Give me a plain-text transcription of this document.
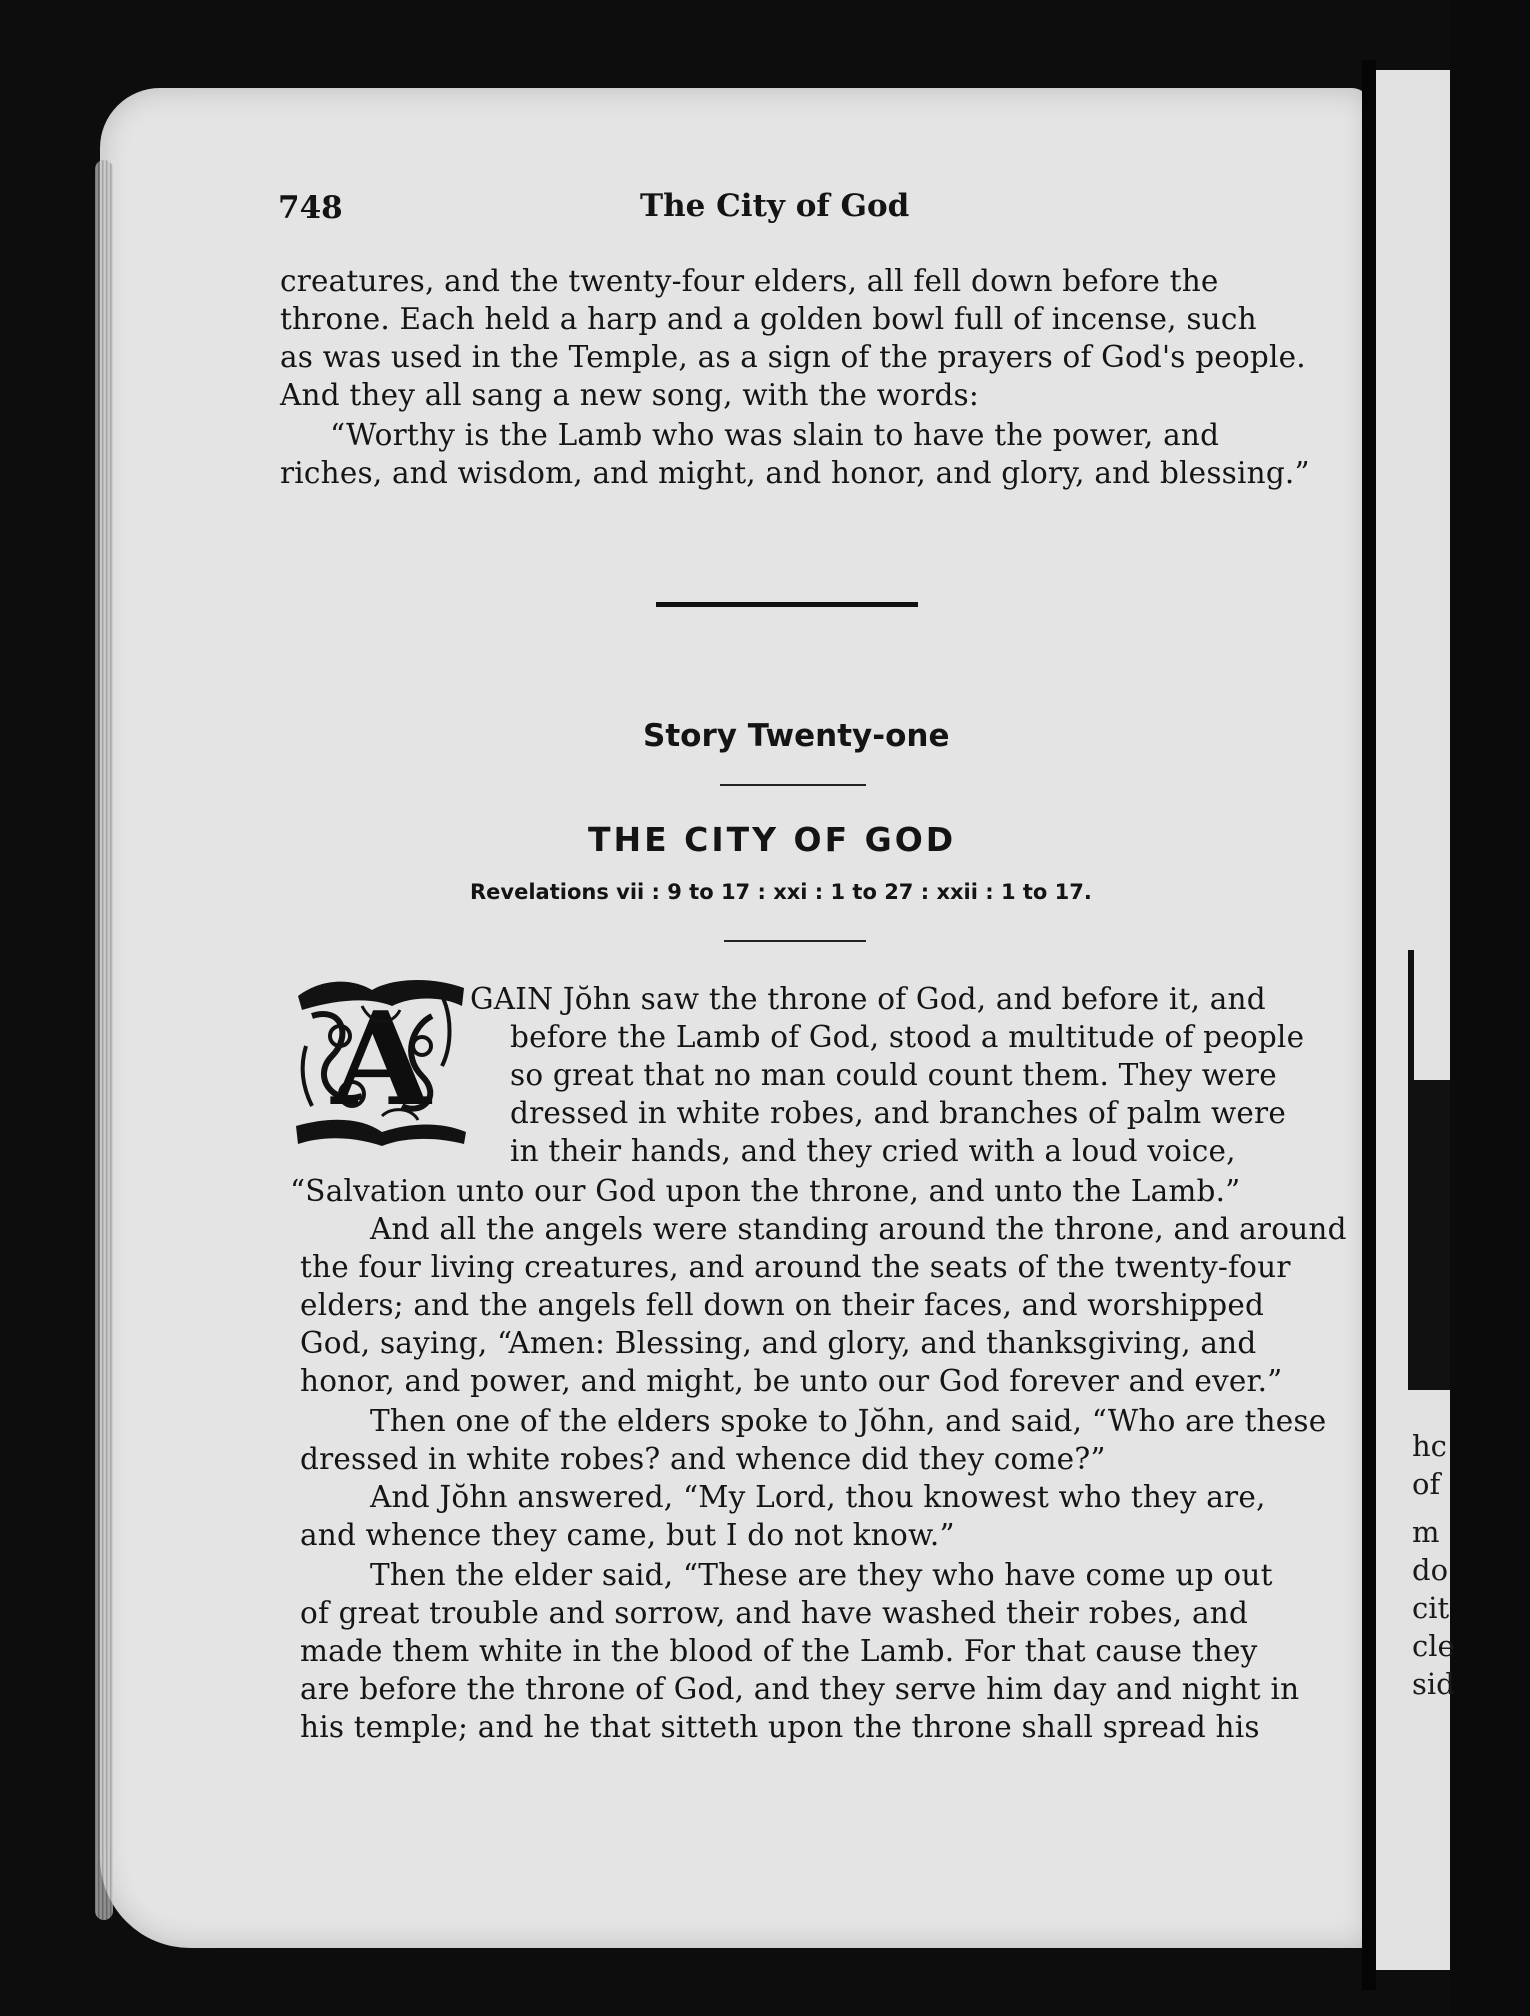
hc
of
m
do
cit
cle
sid
748	The City of God
creatures, and the twenty-four elders, all fell down before the
throne. Each held a harp and a golden bowl full of incense, such
as was used in the Temple, as a sign of the prayers of God's people.
And they all sang a new song, with the words:
“Worthy is the Lamb who was slain to have the power, and
riches, and wisdom, and might, and honor, and glory, and blessing.”
Story Twenty-one
THE CITY OF GOD
Revelations vii : 9 to 17 : xxi : 1 to 27 : xxii : 1 to 17.
A GAIN Jŏhn saw the throne of God, and before it, and
before the Lamb of God, stood a multitude of people
so great that no man could count them. They were
dressed in white robes, and branches of palm were
in their hands, and they cried with a loud voice,
“Salvation unto our God upon the throne, and unto the Lamb.”
And all the angels were standing around the throne, and around
the four living creatures, and around the seats of the twenty-four
elders; and the angels fell down on their faces, and worshipped
God, saying, “Amen: Blessing, and glory, and thanksgiving, and
honor, and power, and might, be unto our God forever and ever.”
Then one of the elders spoke to Jŏhn, and said, “Who are these
dressed in white robes? and whence did they come?”
And Jŏhn answered, “My Lord, thou knowest who they are,
and whence they came, but I do not know.”
Then the elder said, “These are they who have come up out
of great trouble and sorrow, and have washed their robes, and
made them white in the blood of the Lamb. For that cause they
are before the throne of God, and they serve him day and night in
his temple; and he that sitteth upon the throne shall spread his
